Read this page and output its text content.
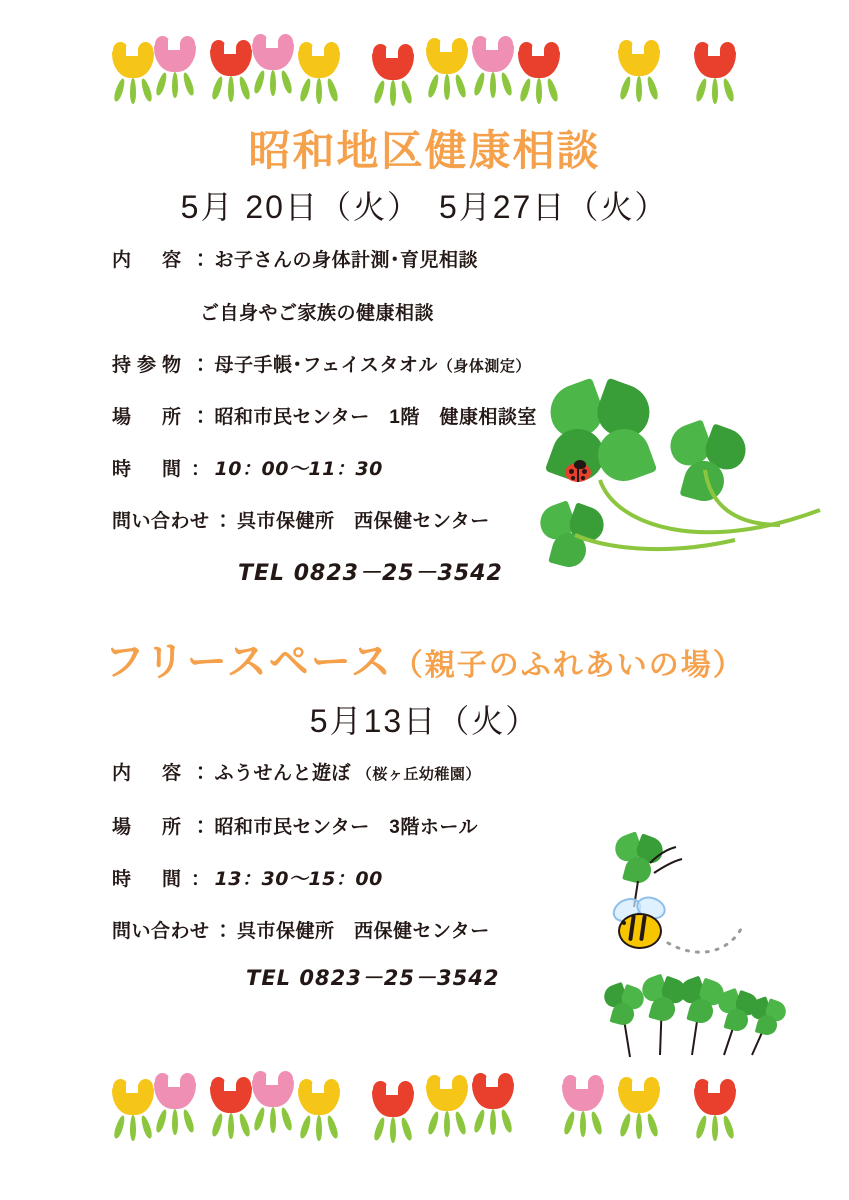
昭和地区健康相談
5月 20日（火）　5月27日（火）
内　容 ： お子さんの身体計測･育児相談
ご自身やご家族の健康相談
持参物 ： 母子手帳･フェイスタオル（身体測定）
場　所 ： 昭和市民センター　1階　健康相談室
時　間 ： 10：00～11：30
問い合わせ ： 呉市保健所　西保健センター
TEL 0823－25－3542
フリースペース（親子のふれあいの場）
5月13日（火）
内　容 ： ふうせんと遊ぼ （桜ヶ丘幼稚園）
場　所 ： 昭和市民センター　3階ホール
時　間 ： 13：30～15：00
問い合わせ ： 呉市保健所　西保健センター
TEL 0823－25－3542
